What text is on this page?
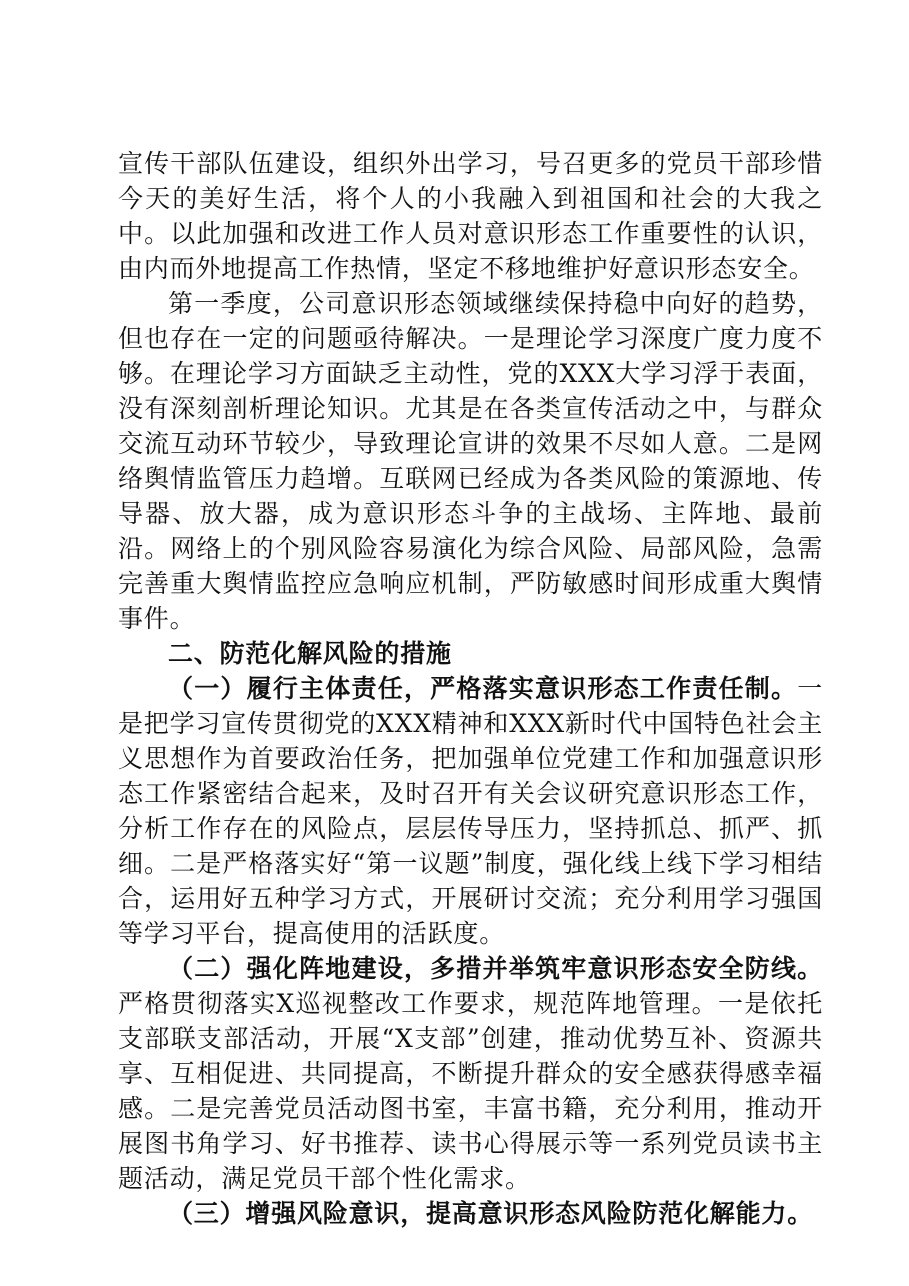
宣传干部队伍建设，组织外出学习，号召更多的党员干部珍惜今天的美好生活，将个人的小我融入到祖国和社会的大我之中。以此加强和改进工作人员对意识形态工作重要性的认识，由内而外地提高工作热情，坚定不移地维护好意识形态安全。

第一季度，公司意识形态领域继续保持稳中向好的趋势，但也存在一定的问题亟待解决。一是理论学习深度广度力度不够。在理论学习方面缺乏主动性，党的XXX大学习浮于表面，没有深刻剖析理论知识。尤其是在各类宣传活动之中，与群众交流互动环节较少，导致理论宣讲的效果不尽如人意。二是网络舆情监管压力趋增。互联网已经成为各类风险的策源地、传导器、放大器，成为意识形态斗争的主战场、主阵地、最前沿。网络上的个别风险容易演化为综合风险、局部风险，急需完善重大舆情监控应急响应机制，严防敏感时间形成重大舆情事件。

二、防范化解风险的措施

（一）履行主体责任，严格落实意识形态工作责任制。一是把学习宣传贯彻党的XXX精神和XXX新时代中国特色社会主义思想作为首要政治任务，把加强单位党建工作和加强意识形态工作紧密结合起来，及时召开有关会议研究意识形态工作，分析工作存在的风险点，层层传导压力，坚持抓总、抓严、抓细。二是严格落实好“第一议题”制度，强化线上线下学习相结合，运用好五种学习方式，开展研讨交流；充分利用学习强国等学习平台，提高使用的活跃度。

（二）强化阵地建设，多措并举筑牢意识形态安全防线。严格贯彻落实X巡视整改工作要求，规范阵地管理。一是依托支部联支部活动，开展“X支部”创建，推动优势互补、资源共享、互相促进、共同提高，不断提升群众的安全感获得感幸福感。二是完善党员活动图书室，丰富书籍，充分利用，推动开展图书角学习、好书推荐、读书心得展示等一系列党员读书主题活动，满足党员干部个性化需求。

（三）增强风险意识，提高意识形态风险防范化解能力。
